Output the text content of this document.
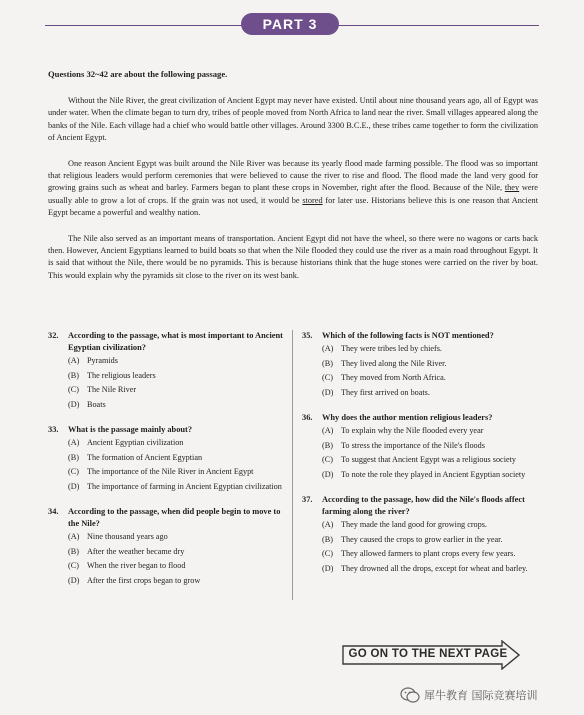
PART 3
Questions 32~42 are about the following passage.

Without the Nile River, the great civilization of Ancient Egypt may never have existed. Until about nine thousand years ago, all of Egypt was under water. When the climate began to turn dry, tribes of people moved from North Africa to land near the river. Small villages appeared along the banks of the Nile. Each village had a chief who would battle other villages. Around 3300 B.C.E., these tribes came together to form the civilization of Ancient Egypt.

One reason Ancient Egypt was built around the Nile River was because its yearly flood made farming possible. The flood was so important that religious leaders would perform ceremonies that were believed to cause the river to rise and flood. The flood made the land very good for growing grains such as wheat and barley. Farmers began to plant these crops in November, right after the flood. Because of the Nile, they were usually able to grow a lot of crops. If the grain was not used, it would be stored for later use. Historians believe this is one reason that Ancient Egypt became a powerful and wealthy nation.

The Nile also served as an important means of transportation. Ancient Egypt did not have the wheel, so there were no wagons or carts back then. However, Ancient Egyptians learned to build boats so that when the Nile flooded they could use the river as a main road throughout Egypt. It is said that without the Nile, there would be no pyramids. This is because historians think that the huge stones were carried on the river by boat. This would explain why the pyramids sit close to the river on its west bank.

32.	According to the passage, what is most important to Ancient Egyptian civilization?
(A) Pyramids
(B) The religious leaders
(C) The Nile River
(D) Boats
33.	What is the passage mainly about?
(A) Ancient Egyptian civilization
(B) The formation of Ancient Egyptian
(C) The importance of the Nile River in Ancient Egypt
(D) The importance of farming in Ancient Egyptian civilization
34.	According to the passage, when did people begin to move to the Nile?
(A) Nine thousand years ago
(B) After the weather became dry
(C) When the river began to flood
(D) After the first crops began to grow
35.	Which of the following facts is NOT mentioned?
(A) They were tribes led by chiefs.
(B) They lived along the Nile River.
(C) They moved from North Africa.
(D) They first arrived on boats.
36.	Why does the author mention religious leaders?
(A) To explain why the Nile flooded every year
(B) To stress the importance of the Nile's floods
(C) To suggest that Ancient Egypt was a religious society
(D) To note the role they played in Ancient Egyptian society
37.	According to the passage, how did the Nile's floods affect farming along the river?
(A) They made the land good for growing crops.
(B) They caused the crops to grow earlier in the year.
(C) They allowed farmers to plant crops every few years.
(D) They drowned all the drops, except for wheat and barley.
GO ON TO THE NEXT PAGE
犀牛教育 国际竞赛培训
